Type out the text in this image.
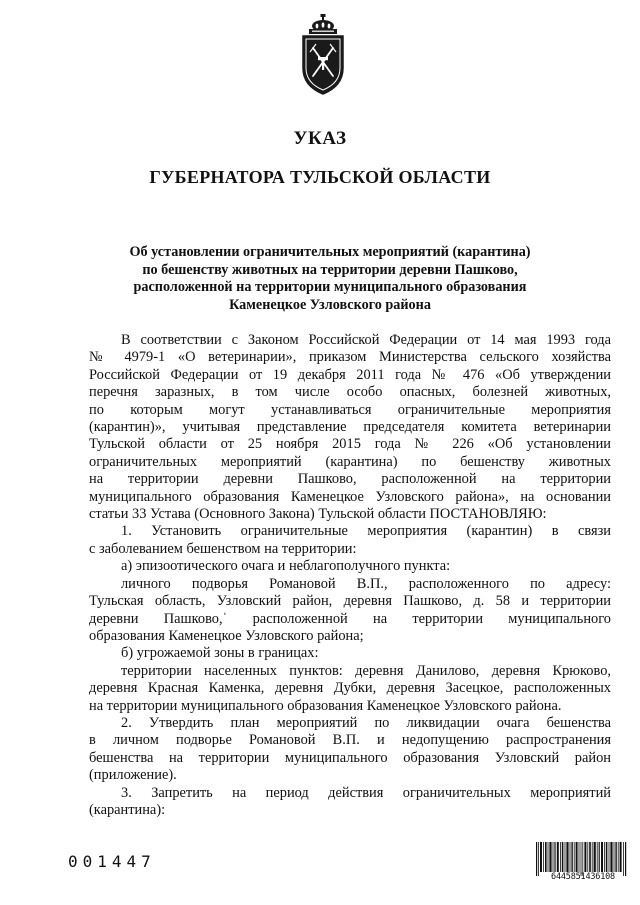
УКАЗ
ГУБЕРНАТОРА ТУЛЬСКОЙ ОБЛАСТИ
Об установлении ограничительных мероприятий (карантина)
по бешенству животных на территории деревни Пашково,
расположенной на территории муниципального образования
Каменецкое Узловского района
В соответствии с Законом Российской Федерации от 14 мая 1993 года
№ 4979-1 «О ветеринарии», приказом Министерства сельского хозяйства
Российской Федерации от 19 декабря 2011 года № 476 «Об утверждении
перечня заразных, в том числе особо опасных, болезней животных,
по которым могут устанавливаться ограничительные мероприятия
(карантин)», учитывая представление председателя комитета ветеринарии
Тульской области от 25 ноября 2015 года № 226 «Об установлении
ограничительных мероприятий (карантина) по бешенству животных
на территории деревни Пашково, расположенной на территории
муниципального образования Каменецкое Узловского района», на основании
статьи 33 Устава (Основного Закона) Тульской области ПОСТАНОВЛЯЮ:
1. Установить ограничительные мероприятия (карантин) в связи
с заболеванием бешенством на территории:
а) эпизоотического очага и неблагополучного пункта:
личного подворья Романовой В.П., расположенного по адресу:
Тульская область, Узловский район, деревня Пашково, д. 58 и территории
деревни Пашково,ˈ расположенной на территории муниципального
образования Каменецкое Узловского района;
б) угрожаемой зоны в границах:
территории населенных пунктов: деревня Данилово, деревня Крюково,
деревня Красная Каменка, деревня Дубки, деревня Засецкое, расположенных
на территории муниципального образования Каменецкое Узловского района.
2. Утвердить план мероприятий по ликвидации очага бешенства
в личном подворье Романовой В.П. и недопущению распространения
бешенства на территории муниципального образования Узловский район
(приложение).
3. Запретить на период действия ограничительных мероприятий
(карантина):
001447
6445851436108
